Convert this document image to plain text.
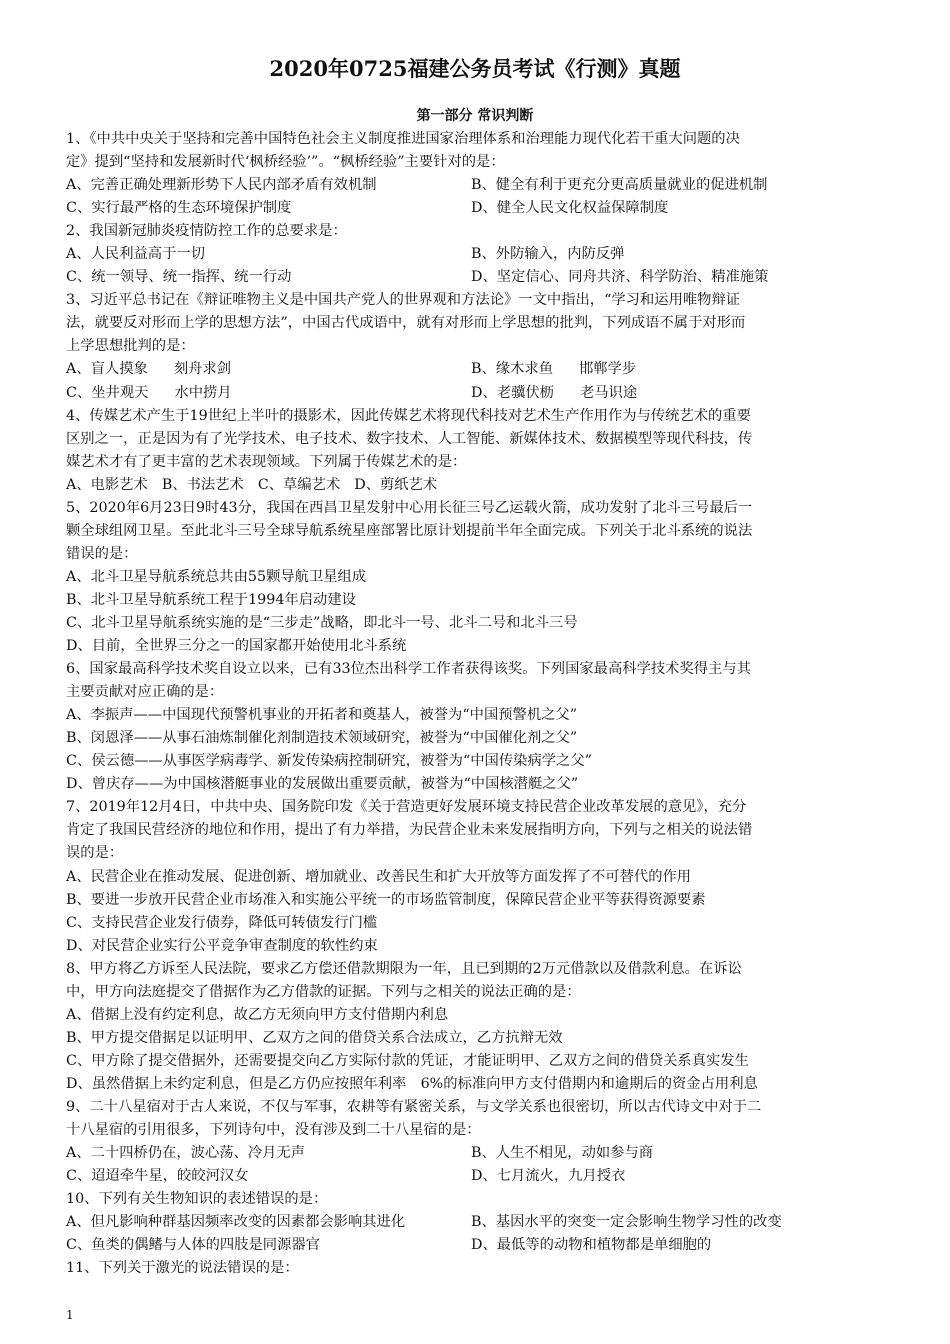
2020年0725福建公务员考试《行测》真题
第一部分 常识判断
1、《中共中央关于坚持和完善中国特色社会主义制度推进国家治理体系和治理能力现代化若干重大问题的决
定》提到“坚持和发展新时代‘枫桥经验’”。“枫桥经验”主要针对的是：
A、完善正确处理新形势下人民内部矛盾有效机制	B、健全有利于更充分更高质量就业的促进机制
C、实行最严格的生态环境保护制度	D、健全人民文化权益保障制度
2、我国新冠肺炎疫情防控工作的总要求是：
A、人民利益高于一切	B、外防输入，内防反弹
C、统一领导、统一指挥、统一行动	D、坚定信心、同舟共济、科学防治、精准施策
3、习近平总书记在《辩证唯物主义是中国共产党人的世界观和方法论》一文中指出，“学习和运用唯物辩证
法，就要反对形而上学的思想方法”，中国古代成语中，就有对形而上学思想的批判，下列成语不属于对形而
上学思想批判的是：
A、盲人摸象 刻舟求剑	B、缘木求鱼 邯郸学步
C、坐井观天 水中捞月	D、老骥伏枥 老马识途
4、传媒艺术产生于19世纪上半叶的摄影术，因此传媒艺术将现代科技对艺术生产作用作为与传统艺术的重要
区别之一，正是因为有了光学技术、电子技术、数字技术、人工智能、新媒体技术、数据模型等现代科技，传
媒艺术才有了更丰富的艺术表现领域。下列属于传媒艺术的是：
A、电影艺术 B、书法艺术 C、草编艺术 D、剪纸艺术
5、2020年6月23日9时43分，我国在西昌卫星发射中心用长征三号乙运载火箭，成功发射了北斗三号最后一
颗全球组网卫星。至此北斗三号全球导航系统星座部署比原计划提前半年全面完成。下列关于北斗系统的说法
错误的是：
A、北斗卫星导航系统总共由55颗导航卫星组成
B、北斗卫星导航系统工程于1994年启动建设
C、北斗卫星导航系统实施的是“三步走”战略，即北斗一号、北斗二号和北斗三号
D、目前，全世界三分之一的国家都开始使用北斗系统
6、国家最高科学技术奖自设立以来，已有33位杰出科学工作者获得该奖。下列国家最高科学技术奖得主与其
主要贡献对应正确的是：
A、李振声——中国现代预警机事业的开拓者和奠基人，被誉为“中国预警机之父”
B、闵恩泽——从事石油炼制催化剂制造技术领域研究，被誉为“中国催化剂之父”
C、侯云德——从事医学病毒学、新发传染病控制研究，被誉为“中国传染病学之父”
D、曾庆存——为中国核潜艇事业的发展做出重要贡献，被誉为“中国核潜艇之父”
7、2019年12月4日，中共中央、国务院印发《关于营造更好发展环境支持民营企业改革发展的意见》，充分
肯定了我国民营经济的地位和作用，提出了有力举措，为民营企业未来发展指明方向，下列与之相关的说法错
误的是：
A、民营企业在推动发展、促进创新、增加就业、改善民生和扩大开放等方面发挥了不可替代的作用
B、要进一步放开民营企业市场准入和实施公平统一的市场监管制度，保障民营企业平等获得资源要素
C、支持民营企业发行债券，降低可转债发行门槛
D、对民营企业实行公平竞争审查制度的软性约束
8、甲方将乙方诉至人民法院，要求乙方偿还借款期限为一年，且已到期的2万元借款以及借款利息。在诉讼
中，甲方向法庭提交了借据作为乙方借款的证据。下列与之相关的说法正确的是：
A、借据上没有约定利息，故乙方无须向甲方支付借期内利息
B、甲方提交借据足以证明甲、乙双方之间的借贷关系合法成立，乙方抗辩无效
C、甲方除了提交借据外，还需要提交向乙方实际付款的凭证，才能证明甲、乙双方之间的借贷关系真实发生
D、虽然借据上未约定利息，但是乙方仍应按照年利率　6%的标准向甲方支付借期内和逾期后的资金占用利息
9、二十八星宿对于古人来说，不仅与军事，农耕等有紧密关系，与文学关系也很密切，所以古代诗文中对于二
十八星宿的引用很多，下列诗句中，没有涉及到二十八星宿的是：
A、二十四桥仍在，波心荡、冷月无声	B、人生不相见，动如参与商
C、迢迢牵牛星，皎皎河汉女	D、七月流火，九月授衣
10、下列有关生物知识的表述错误的是：
A、但凡影响种群基因频率改变的因素都会影响其进化	B、基因水平的突变一定会影响生物学习性的改变
C、鱼类的偶鳍与人体的四肢是同源器官	D、最低等的动物和植物都是单细胞的
11、下列关于激光的说法错误的是：
1
